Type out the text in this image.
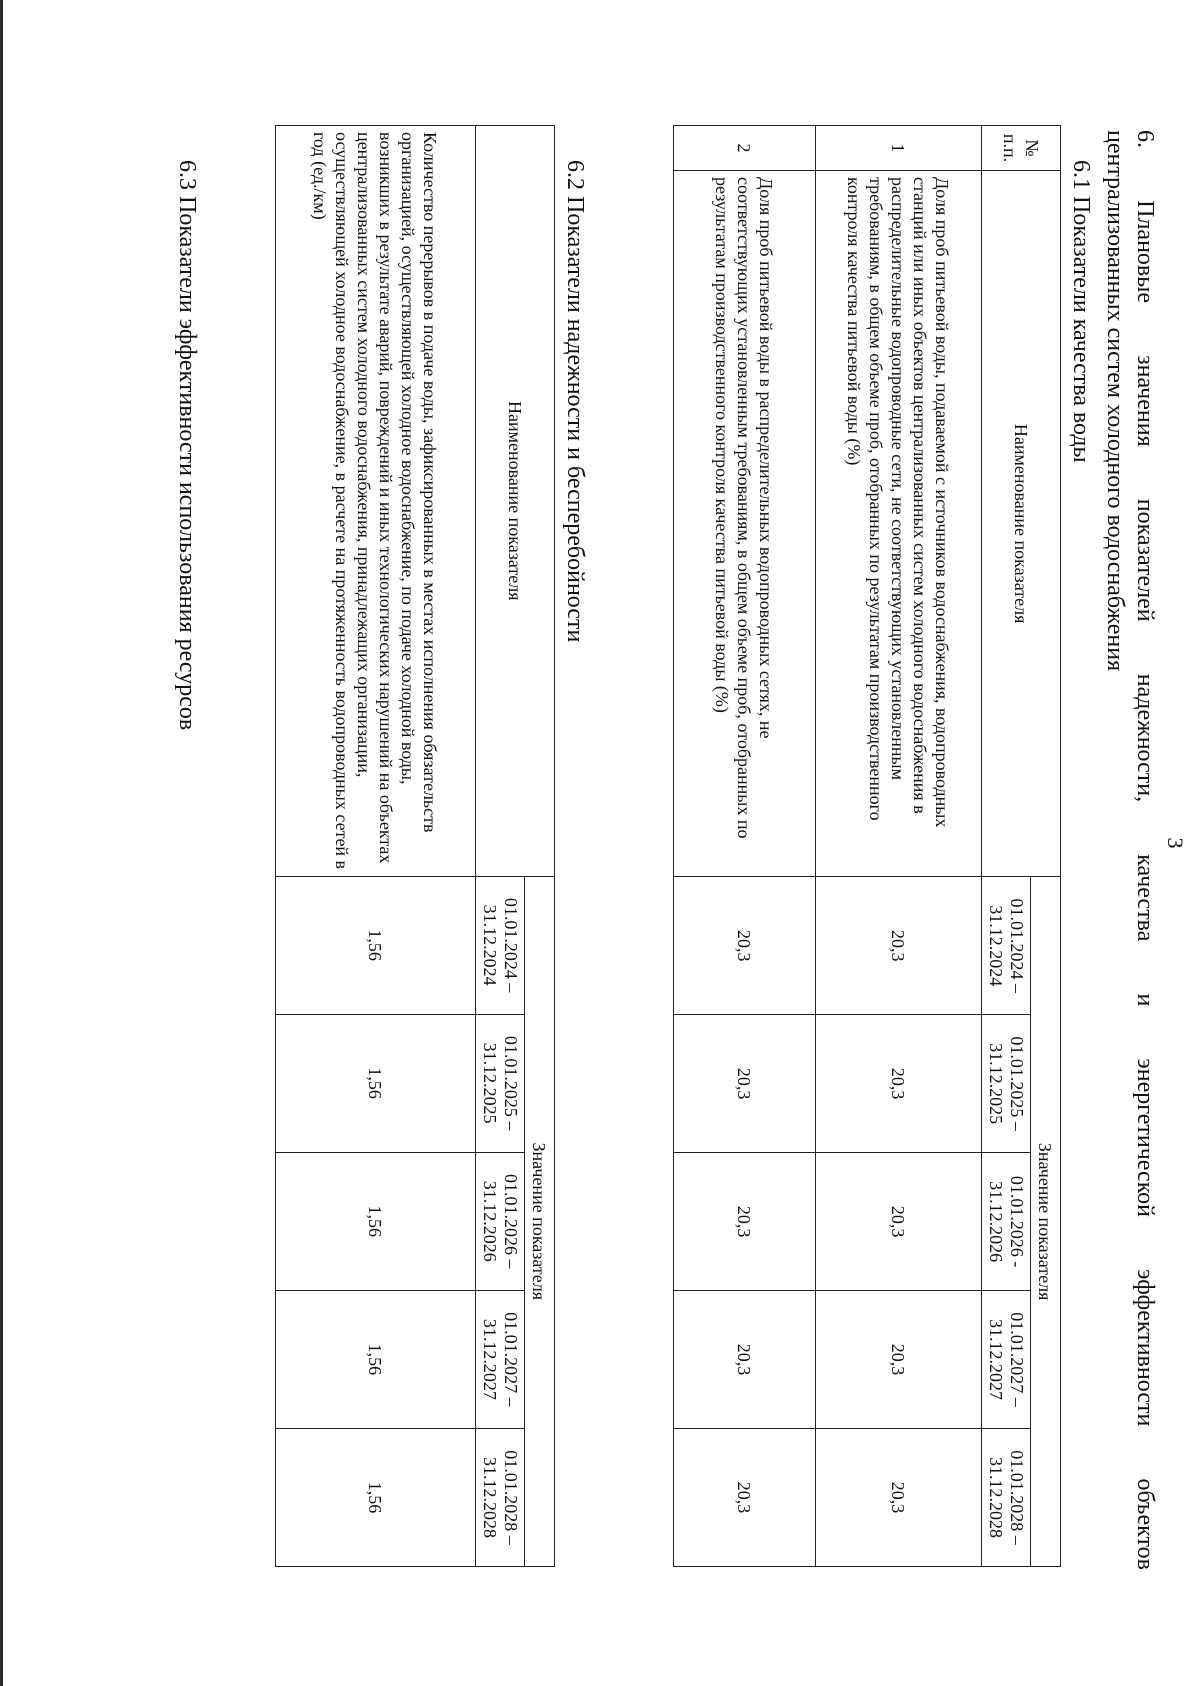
3
6.
Плановые
значения
показателей
надежности,
качества
и
энергетической
эффективности
объектов
централизованных систем холодного водоснабжения
6.1 Показатели качества воды
№ п.п.	Наименование показателя	Значение показателя				
		01.01.2024 – 31.12.2024	01.01.2025 – 31.12.2025	01.01.2026 - 31.12.2026	01.01.2027 – 31.12.2027	01.01.2028 – 31.12.2028
1	Доля проб питьевой воды, подаваемой с источников водоснабжения, водопроводных станций или иных объектов централизованных систем холодного водоснабжения в распределительные водопроводные сети, не соответствующих установленным требованиям, в общем объеме проб, отобранных по результатам производственного контроля качества питьевой воды (%)	20,3	20,3	20,3	20,3	20,3
2	Доля проб питьевой воды в распределительных водопроводных сетях, не соответствующих установленным требованиям, в общем объеме проб, отобранных по результатам производственного контроля качества питьевой воды (%)	20,3	20,3	20,3	20,3	20,3
6.2 Показатели надежности и бесперебойности
Наименование показателя	Значение показателя				
	01.01.2024 – 31.12.2024	01.01.2025 – 31.12.2025	01.01.2026 – 31.12.2026	01.01.2027 – 31.12.2027	01.01.2028 – 31.12.2028
Количество перерывов в подаче воды, зафиксированных в местах исполнения обязательств организацией, осуществляющей холодное водоснабжение, по подаче холодной воды, возникших в результате аварий, повреждений и иных технологических нарушений на объектах централизованных систем холодного водоснабжения, принадлежащих организации, осуществляющей холодное водоснабжение, в расчете на протяженность водопроводных сетей в год (ед./км)	1,56	1,56	1,56	1,56	1,56
6.3 Показатели эффективности использования ресурсов
